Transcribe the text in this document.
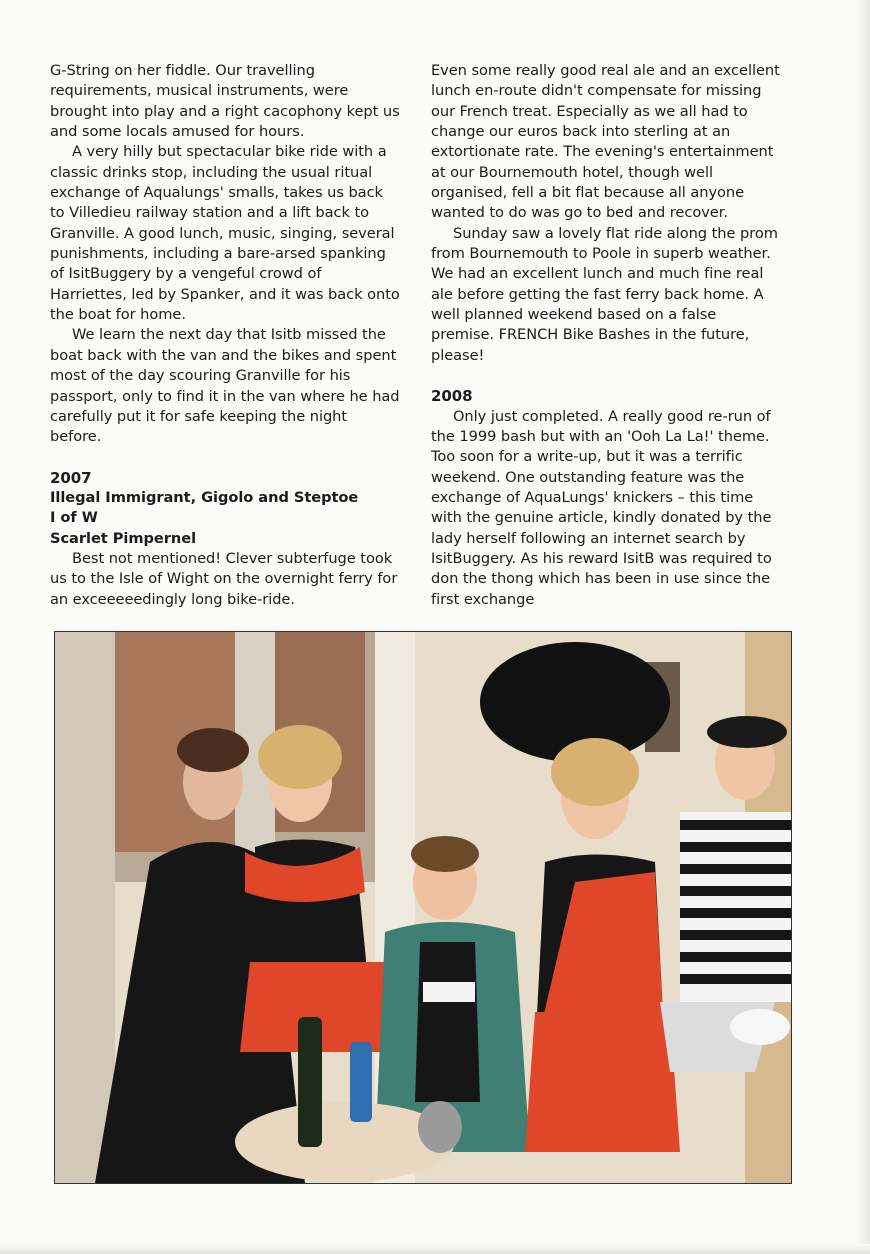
G-String on her fiddle. Our travelling requirements, musical instruments, were brought into play and a right cacophony kept us and some locals amused for hours.

A very hilly but spectacular bike ride with a classic drinks stop, including the usual ritual exchange of Aqualungs' smalls, takes us back to Villedieu railway station and a lift back to Granville. A good lunch, music, singing, several punishments, including a bare-arsed spanking of IsitBuggery by a vengeful crowd of Harriettes, led by Spanker, and it was back onto the boat for home.

We learn the next day that Isitb missed the boat back with the van and the bikes and spent most of the day scouring Granville for his passport, only to find it in the van where he had carefully put it for safe keeping the night before.

2007

Illegal Immigrant, Gigolo and Steptoe

I of W

Scarlet Pimpernel

Best not mentioned! Clever subterfuge took us to the Isle of Wight on the overnight ferry for an exceeeeedingly long bike-ride.

Even some really good real ale and an excellent lunch en-route didn't compensate for missing our French treat. Especially as we all had to change our euros back into sterling at an extortionate rate. The evening's entertainment at our Bournemouth hotel, though well organised, fell a bit flat because all anyone wanted to do was go to bed and recover.

Sunday saw a lovely flat ride along the prom from Bournemouth to Poole in superb weather. We had an excellent lunch and much fine real ale before getting the fast ferry back home. A well planned weekend based on a false premise. FRENCH Bike Bashes in the future, please!

2008

Only just completed. A really good re-run of the 1999 bash but with an 'Ooh La La!' theme. Too soon for a write-up, but it was a terrific weekend. One outstanding feature was the exchange of AquaLungs' knickers – this time with the genuine article, kindly donated by the lady herself following an internet search by IsitBuggery. As his reward IsitB was required to don the thong which has been in use since the first exchange
